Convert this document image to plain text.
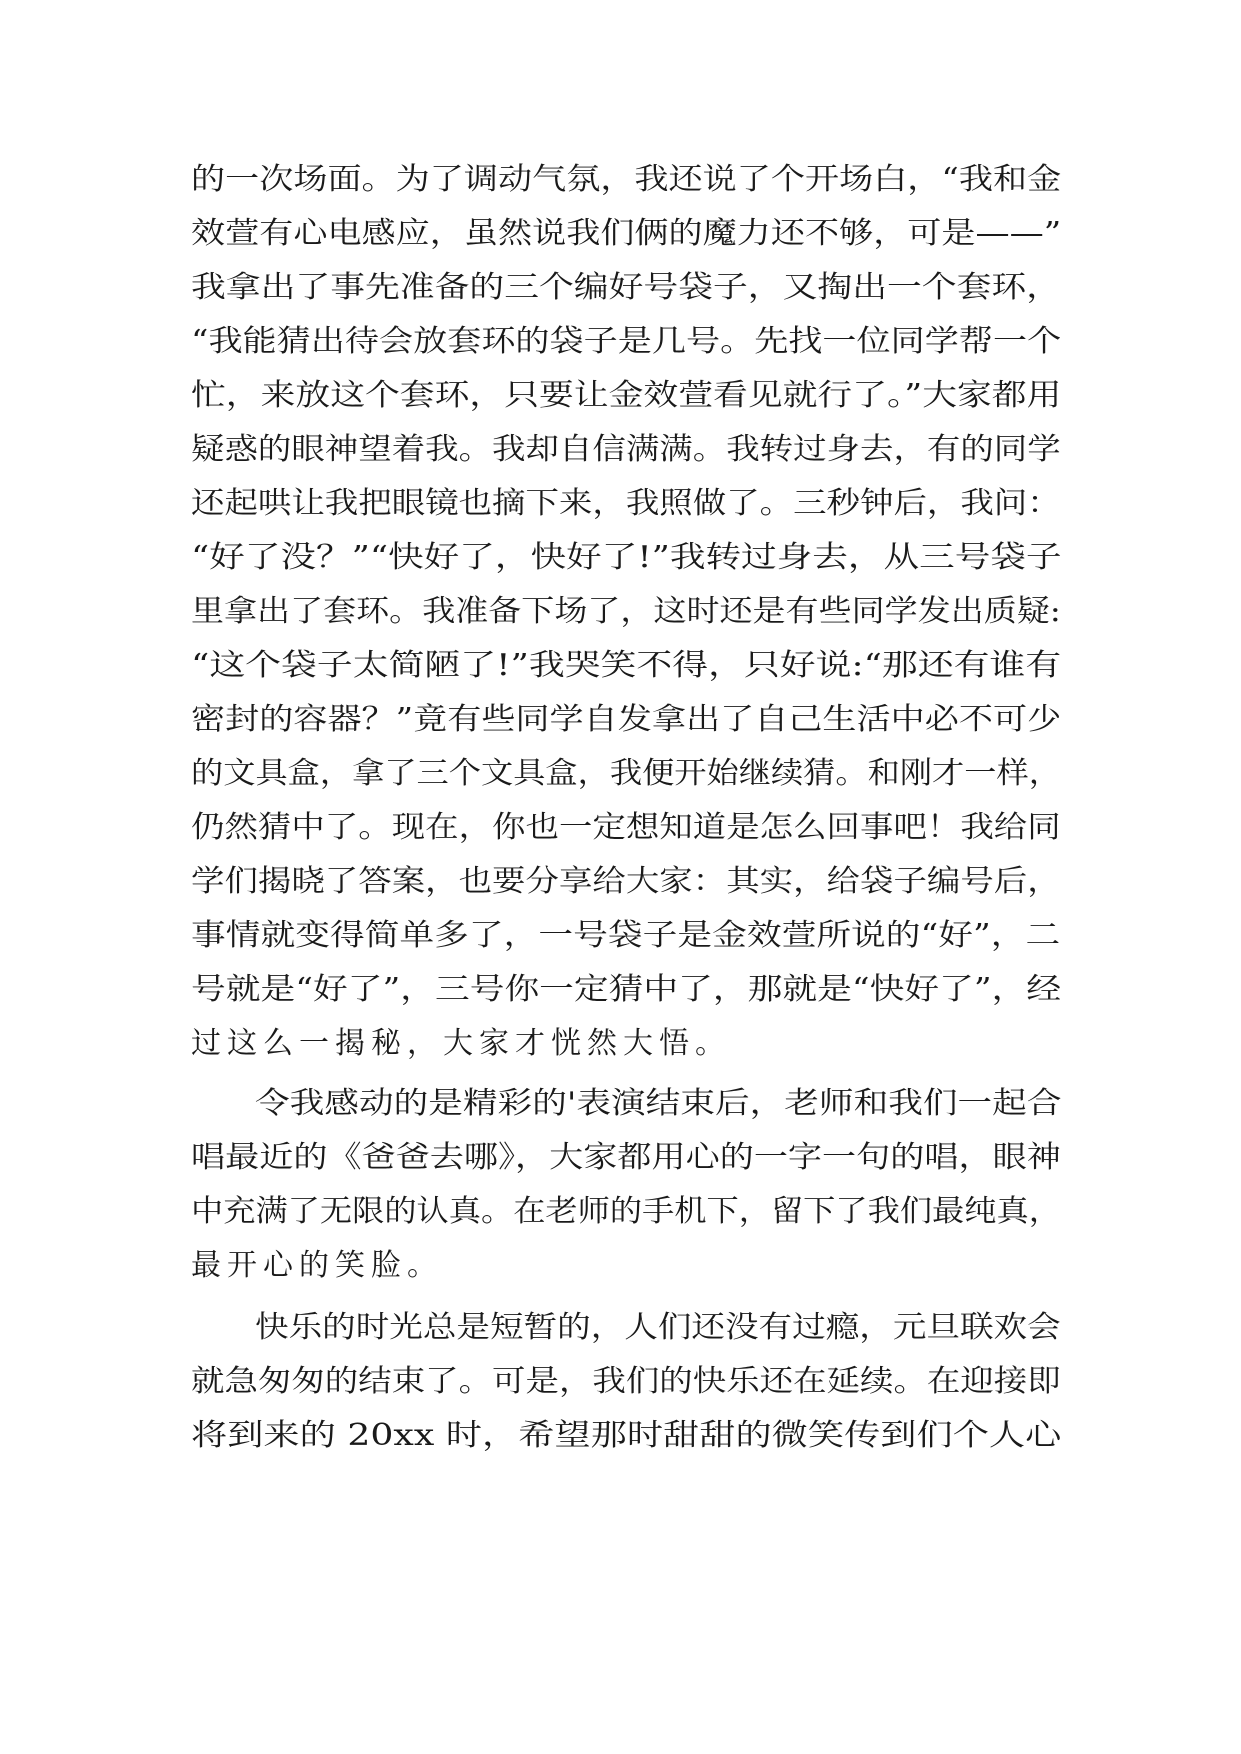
的一次场面。为了调动气氛，我还说了个开场白，“我和金
效萱有心电感应，虽然说我们俩的魔力还不够，可是——”
我拿出了事先准备的三个编好号袋子，又掏出一个套环，
“我能猜出待会放套环的袋子是几号。先找一位同学帮一个
忙，来放这个套环，只要让金效萱看见就行了。”大家都用
疑惑的眼神望着我。我却自信满满。我转过身去，有的同学
还起哄让我把眼镜也摘下来，我照做了。三秒钟后，我问：
“好了没？”“快好了，快好了!”我转过身去，从三号袋子
里拿出了套环。我准备下场了，这时还是有些同学发出质疑:
“这个袋子太简陋了!”我哭笑不得，只好说:“那还有谁有
密封的容器？”竟有些同学自发拿出了自己生活中必不可少
的文具盒，拿了三个文具盒，我便开始继续猜。和刚才一样，
仍然猜中了。现在，你也一定想知道是怎么回事吧！我给同
学们揭晓了答案，也要分享给大家：其实，给袋子编号后，
事情就变得简单多了，一号袋子是金效萱所说的“好”，二
号就是“好了”，三号你一定猜中了，那就是“快好了”，经
过这么一揭秘，大家才恍然大悟。
令我感动的是精彩的'表演结束后，老师和我们一起合
唱最近的《爸爸去哪》，大家都用心的一字一句的唱，眼神
中充满了无限的认真。在老师的手机下，留下了我们最纯真，
最开心的笑脸。
快乐的时光总是短暂的，人们还没有过瘾，元旦联欢会
就急匆匆的结束了。可是，我们的快乐还在延续。在迎接即
将到来的 20xx 时，希望那时甜甜的微笑传到们个人心
